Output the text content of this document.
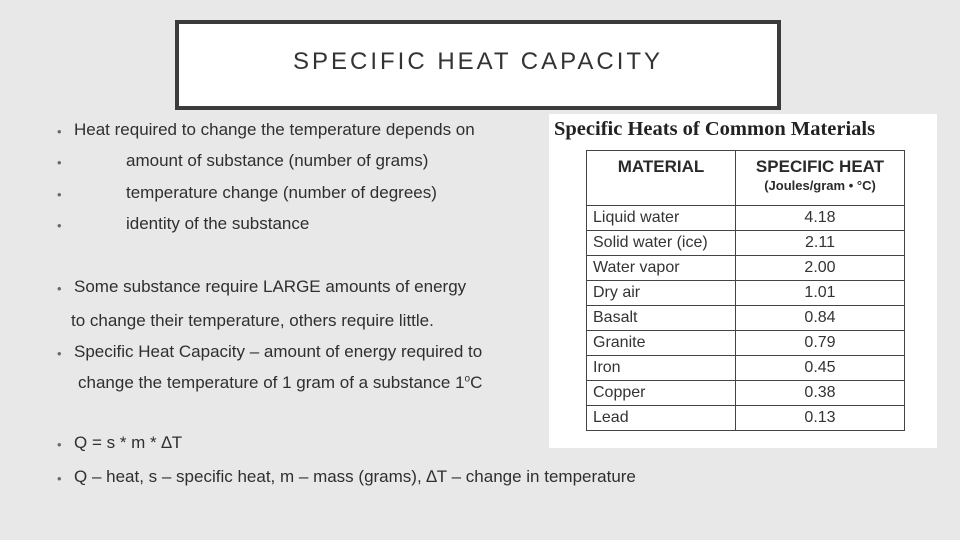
SPECIFIC HEAT CAPACITY
• Heat required to change the temperature depends on
•	amount of substance (number of grams)
•	temperature change (number of degrees)
•	identity of the substance
• Some substance require LARGE amounts of energy
to change their temperature, others require little.
• Specific Heat Capacity – amount of energy required to
change the temperature of 1 gram of a substance 1$^o$C
• Q = s * m * ∆T
• Q – heat, s – specific heat, m – mass (grams), ∆T – change in temperature
Specific Heats of Common Materials
MATERIAL	SPECIFIC HEAT
(Joules/gram • °C)

Liquid water	4.18
Solid water (ice)	2.11
Water vapor	2.00
Dry air	1.01
Basalt	0.84
Granite	0.79
Iron	0.45
Copper	0.38
Lead	0.13
